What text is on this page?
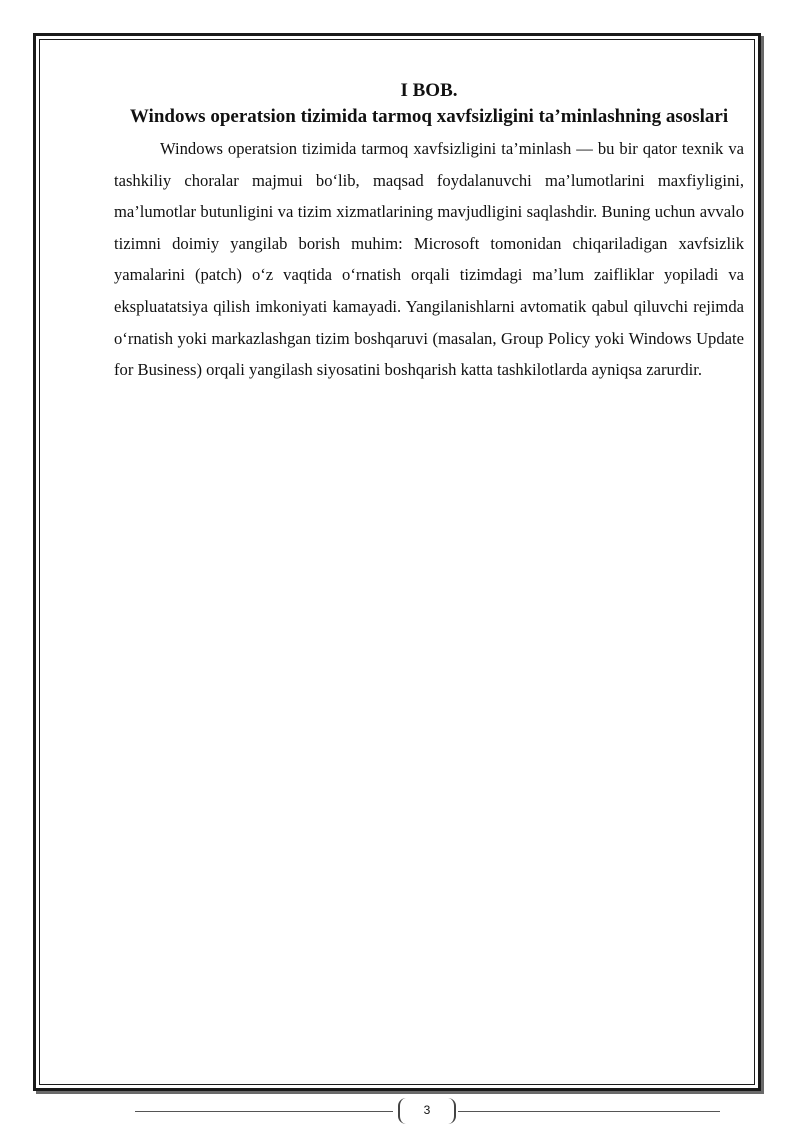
I BOB.
Windows operatsion tizimida tarmoq xavfsizligini ta’minlashning asoslari

Windows operatsion tizimida tarmoq xavfsizligini ta’minlash — bu bir qator texnik va tashkiliy choralar majmui bo‘lib, maqsad foydalanuvchi ma’lumotlarini maxfiyligini, ma’lumotlar butunligini va tizim xizmatlarining mavjudligini saqlashdir. Buning uchun avvalo tizimni doimiy yangilab borish muhim: Microsoft tomonidan chiqariladigan xavfsizlik yamalarini (patch) o‘z vaqtida o‘rnatish orqali tizimdagi ma’lum zaifliklar yopiladi va ekspluatatsiya qilish imkoniyati kamayadi. Yangilanishlarni avtomatik qabul qiluvchi rejimda o‘rnatish yoki markazlashgan tizim boshqaruvi (masalan, Group Policy yoki Windows Update for Business) orqali yangilash siyosatini boshqarish katta tashkilotlarda ayniqsa zarurdir.

3
